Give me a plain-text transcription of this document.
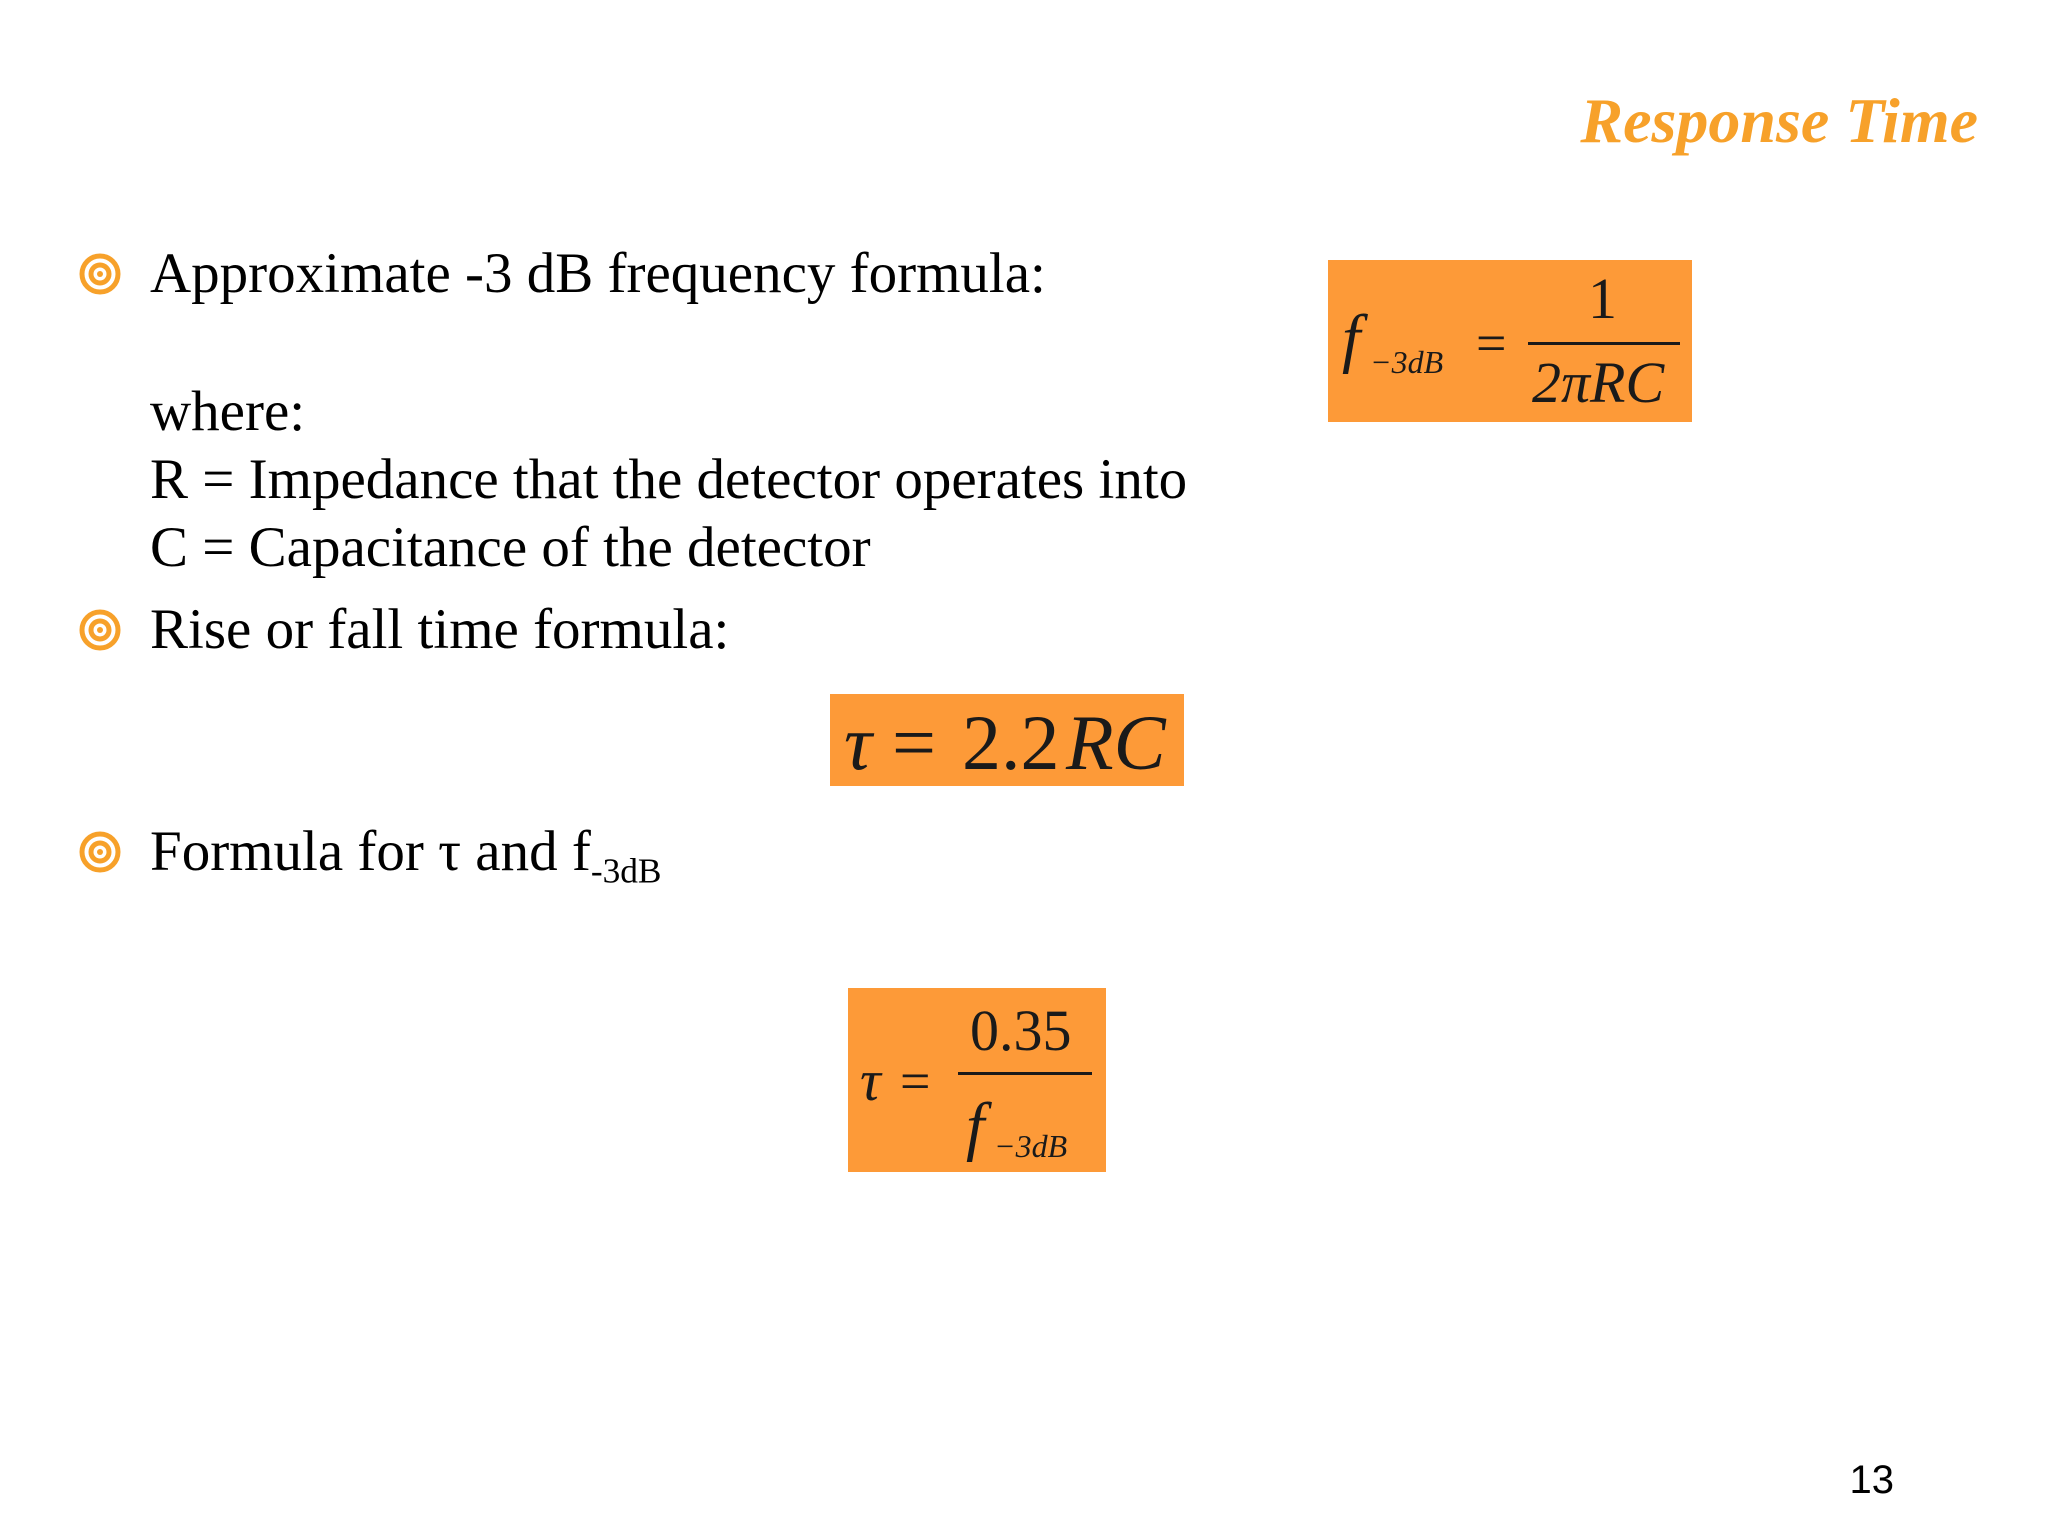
Response Time
Approximate -3 dB frequency formula:
where:
R = Impedance that the detector operates into
C = Capacitance of the detector
Rise or fall time formula:
Formula for τ and $f_{-3dB}$
f −3dB =
1
2πRC
τ = 2.2 RC
τ =
0.35
f −3dB
13
